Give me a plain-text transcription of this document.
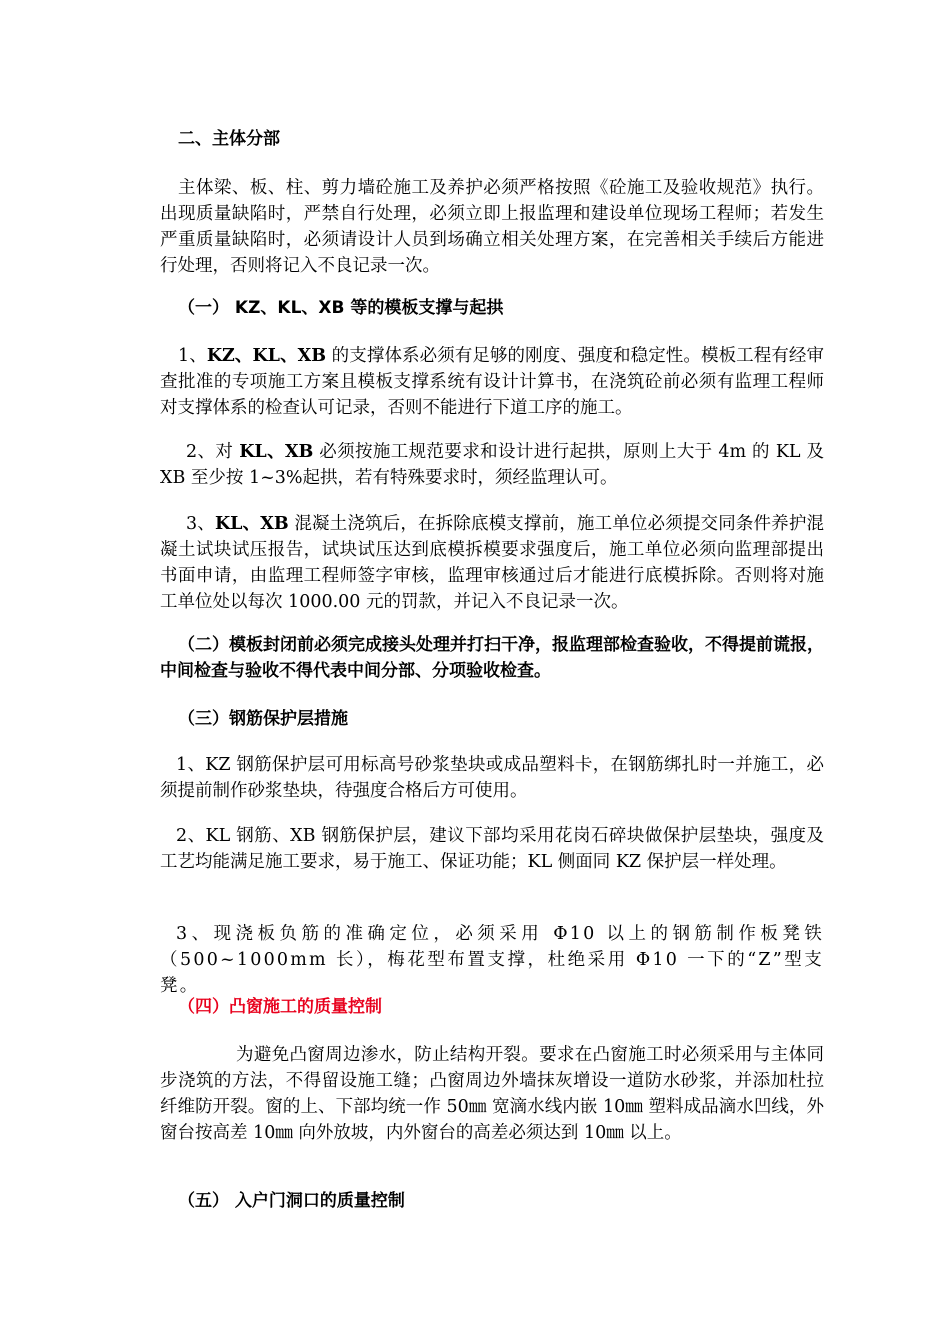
二、主体分部

主体梁、板、柱、剪力墙砼施工及养护必须严格按照《砼施工及验收规范》执行。出现质量缺陷时，严禁自行处理，必须立即上报监理和建设单位现场工程师；若发生严重质量缺陷时，必须请设计人员到场确立相关处理方案，在完善相关手续后方能进行处理，否则将记入不良记录一次。

（一） KZ、KL、XB 等的模板支撑与起拱

1、KZ、KL、XB 的支撑体系必须有足够的刚度、强度和稳定性。模板工程有经审查批准的专项施工方案且模板支撑系统有设计计算书，在浇筑砼前必须有监理工程师对支撑体系的检查认可记录，否则不能进行下道工序的施工。

2、对 KL、XB 必须按施工规范要求和设计进行起拱，原则上大于 4m 的 KL 及 XB 至少按 1~3%起拱，若有特殊要求时，须经监理认可。

3、KL、XB 混凝土浇筑后，在拆除底模支撑前，施工单位必须提交同条件养护混凝土试块试压报告，试块试压达到底模拆模要求强度后，施工单位必须向监理部提出书面申请，由监理工程师签字审核，监理审核通过后才能进行底模拆除。否则将对施工单位处以每次 1000.00 元的罚款，并记入不良记录一次。

（二）模板封闭前必须完成接头处理并打扫干净，报监理部检查验收，不得提前谎报，中间检查与验收不得代表中间分部、分项验收检查。

（三）钢筋保护层措施

1、KZ 钢筋保护层可用标高号砂浆垫块或成品塑料卡，在钢筋绑扎时一并施工，必须提前制作砂浆垫块，待强度合格后方可使用。

2、KL 钢筋、XB 钢筋保护层，建议下部均采用花岗石碎块做保护层垫块，强度及工艺均能满足施工要求，易于施工、保证功能；KL 侧面同 KZ 保护层一样处理。

3、现浇板负筋的准确定位，必须采用 Φ10 以上的钢筋制作板凳铁（500~1000mm 长），梅花型布置支撑，杜绝采用 Φ10 一下的“Z”型支凳。

（四）凸窗施工的质量控制

为避免凸窗周边渗水，防止结构开裂。要求在凸窗施工时必须采用与主体同步浇筑的方法，不得留设施工缝；凸窗周边外墙抹灰增设一道防水砂浆，并添加杜拉纤维防开裂。窗的上、下部均统一作 50㎜ 宽滴水线内嵌 10㎜ 塑料成品滴水凹线，外窗台按高差 10㎜ 向外放坡，内外窗台的高差必须达到 10㎜ 以上。

（五） 入户门洞口的质量控制
